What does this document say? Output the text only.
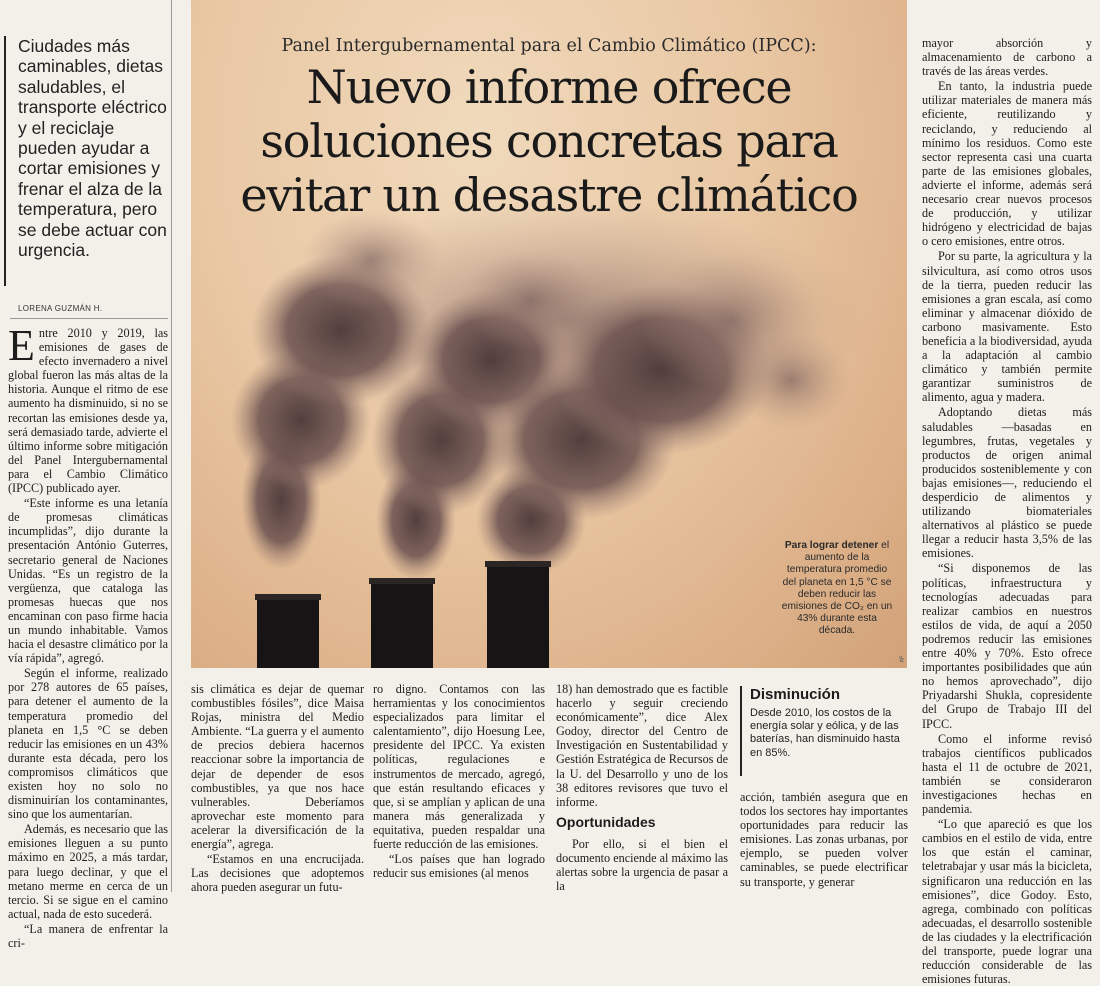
Ciudades más caminables, dietas saludables, el transporte eléctrico y el reciclaje pueden ayudar a cortar emisiones y frenar el alza de la temperatura, pero se debe actuar con urgencia.
LORENA GUZMÁN H.

Entre 2010 y 2019, las emisiones de gases de efecto invernadero a nivel global fueron las más altas de la historia. Aunque el ritmo de ese aumento ha disminuido, si no se recortan las emisiones desde ya, será demasiado tarde, advierte el último informe sobre mitigación del Panel Intergubernamental para el Cambio Climático (IPCC) publicado ayer.

“Este informe es una letanía de promesas climáticas incumplidas”, dijo durante la presentación António Guterres, secretario general de Naciones Unidas. “Es un registro de la vergüenza, que cataloga las promesas huecas que nos encaminan con paso firme hacia un mundo inhabitable. Vamos hacia el desastre climático por la vía rápida”, agregó.

Según el informe, realizado por 278 autores de 65 países, para detener el aumento de la temperatura promedio del planeta en 1,5 °C se deben reducir las emisiones en un 43% durante esta década, pero los compromisos climáticos que existen hoy no solo no disminuirían los contaminantes, sino que los aumentarían.

Además, es necesario que las emisiones lleguen a su punto máximo en 2025, a más tardar, para luego declinar, y que el metano merme en cerca de un tercio. Si se sigue en el camino actual, nada de esto sucederá.

“La manera de enfrentar la cri-

Panel Intergubernamental para el Cambio Climático (IPCC):
Nuevo informe ofrece soluciones concretas para evitar un desastre climático
Para lograr detener el aumento de la temperatura promedio del planeta en 1,5 °C se deben reducir las emisiones de CO₂ en un 43% durante esta década.
AP

sis climática es dejar de quemar combustibles fósiles”, dice Maisa Rojas, ministra del Medio Ambiente. “La guerra y el aumento de precios debiera hacernos reaccionar sobre la importancia de dejar de depender de esos combustibles, ya que nos hace vulnerables. Deberíamos aprovechar este momento para acelerar la diversificación de la energía”, agrega.

“Estamos en una encrucijada. Las decisiones que adoptemos ahora pueden asegurar un futu-

ro digno. Contamos con las herramientas y los conocimientos especializados para limitar el calentamiento”, dijo Hoesung Lee, presidente del IPCC. Ya existen políticas, regulaciones e instrumentos de mercado, agregó, que están resultando eficaces y que, si se amplían y aplican de una manera más generalizada y equitativa, pueden respaldar una fuerte reducción de las emisiones.

“Los países que han logrado reducir sus emisiones (al menos

18) han demostrado que es factible hacerlo y seguir creciendo económicamente”, dice Alex Godoy, director del Centro de Investigación en Sustentabilidad y Gestión Estratégica de Recursos de la U. del Desarrollo y uno de los 38 editores revisores que tuvo el informe.

Oportunidades

Por ello, si el bien el documento enciende al máximo las alertas sobre la urgencia de pasar a la

Disminución
Desde 2010, los costos de la energía solar y eólica, y de las baterías, han disminuido hasta en 85%.

acción, también asegura que en todos los sectores hay importantes oportunidades para reducir las emisiones. Las zonas urbanas, por ejemplo, se pueden volver caminables, se puede electrificar su transporte, y generar

mayor absorción y almacenamiento de carbono a través de las áreas verdes.

En tanto, la industria puede utilizar materiales de manera más eficiente, reutilizando y reciclando, y reduciendo al mínimo los residuos. Como este sector representa casi una cuarta parte de las emisiones globales, advierte el informe, además será necesario crear nuevos procesos de producción, y utilizar hidrógeno y electricidad de bajas o cero emisiones, entre otros.

Por su parte, la agricultura y la silvicultura, así como otros usos de la tierra, pueden reducir las emisiones a gran escala, así como eliminar y almacenar dióxido de carbono masivamente. Esto beneficia a la biodiversidad, ayuda a la adaptación al cambio climático y también permite garantizar suministros de alimento, agua y madera.

Adoptando dietas más saludables —basadas en legumbres, frutas, vegetales y productos de origen animal producidos sosteniblemente y con bajas emisiones—, reduciendo el desperdicio de alimentos y utilizando biomateriales alternativos al plástico se puede llegar a reducir hasta 3,5% de las emisiones.

“Si disponemos de las políticas, infraestructura y tecnologías adecuadas para realizar cambios en nuestros estilos de vida, de aquí a 2050 podremos reducir las emisiones entre 40% y 70%. Esto ofrece importantes posibilidades que aún no hemos aprovechado”, dijo Priyadarshi Shukla, copresidente del Grupo de Trabajo III del IPCC.

Como el informe revisó trabajos científicos publicados hasta el 11 de octubre de 2021, también se consideraron investigaciones hechas en pandemia.

“Lo que apareció es que los cambios en el estilo de vida, entre los que están el caminar, teletrabajar y usar más la bicicleta, significaron una reducción en las emisiones”, dice Godoy. Esto, agrega, combinado con políticas adecuadas, el desarrollo sostenible de las ciudades y la electrificación del transporte, puede lograr una reducción considerable de las emisiones futuras.
